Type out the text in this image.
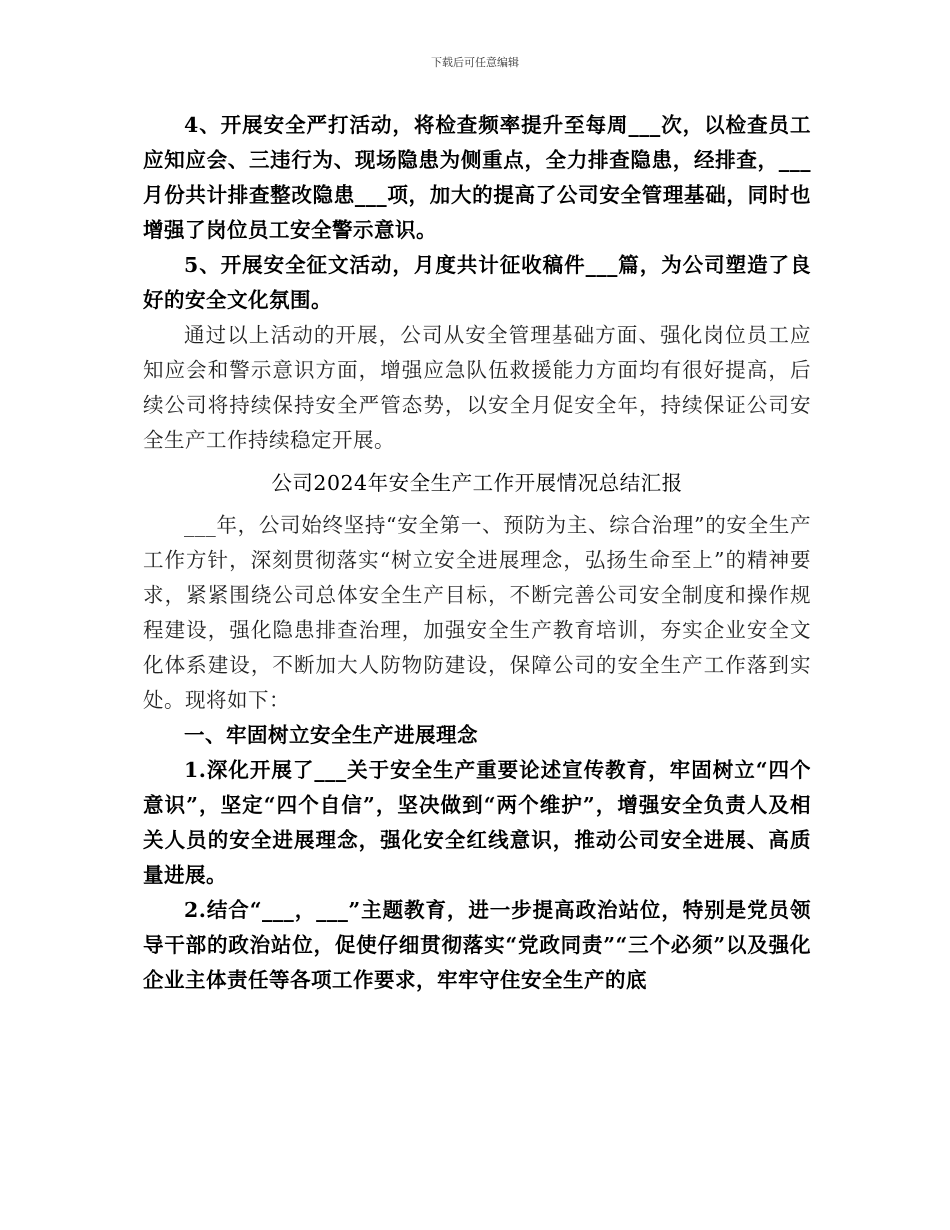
下载后可任意编辑

4、开展安全严打活动，将检查频率提升至每周___次，以检查员工应知应会、三违行为、现场隐患为侧重点，全力排查隐患，经排查，___月份共计排查整改隐患___项，加大的提高了公司安全管理基础，同时也增强了岗位员工安全警示意识。

5、开展安全征文活动，月度共计征收稿件___篇，为公司塑造了良好的安全文化氛围。

通过以上活动的开展，公司从安全管理基础方面、强化岗位员工应知应会和警示意识方面，增强应急队伍救援能力方面均有很好提高，后续公司将持续保持安全严管态势，以安全月促安全年，持续保证公司安全生产工作持续稳定开展。

公司2024年安全生产工作开展情况总结汇报

___年，公司始终坚持“安全第一、预防为主、综合治理”的安全生产工作方针，深刻贯彻落实“树立安全进展理念，弘扬生命至上”的精神要求，紧紧围绕公司总体安全生产目标，不断完善公司安全制度和操作规程建设，强化隐患排查治理，加强安全生产教育培训，夯实企业安全文化体系建设，不断加大人防物防建设，保障公司的安全生产工作落到实处。现将如下：

一、牢固树立安全生产进展理念

1.深化开展了___关于安全生产重要论述宣传教育，牢固树立“四个意识”，坚定“四个自信”，坚决做到“两个维护”，增强安全负责人及相关人员的安全进展理念，强化安全红线意识，推动公司安全进展、高质量进展。

2.结合“___，___”主题教育，进一步提高政治站位，特别是党员领导干部的政治站位，促使仔细贯彻落实“党政同责”“三个必须”以及强化企业主体责任等各项工作要求，牢牢守住安全生产的底
